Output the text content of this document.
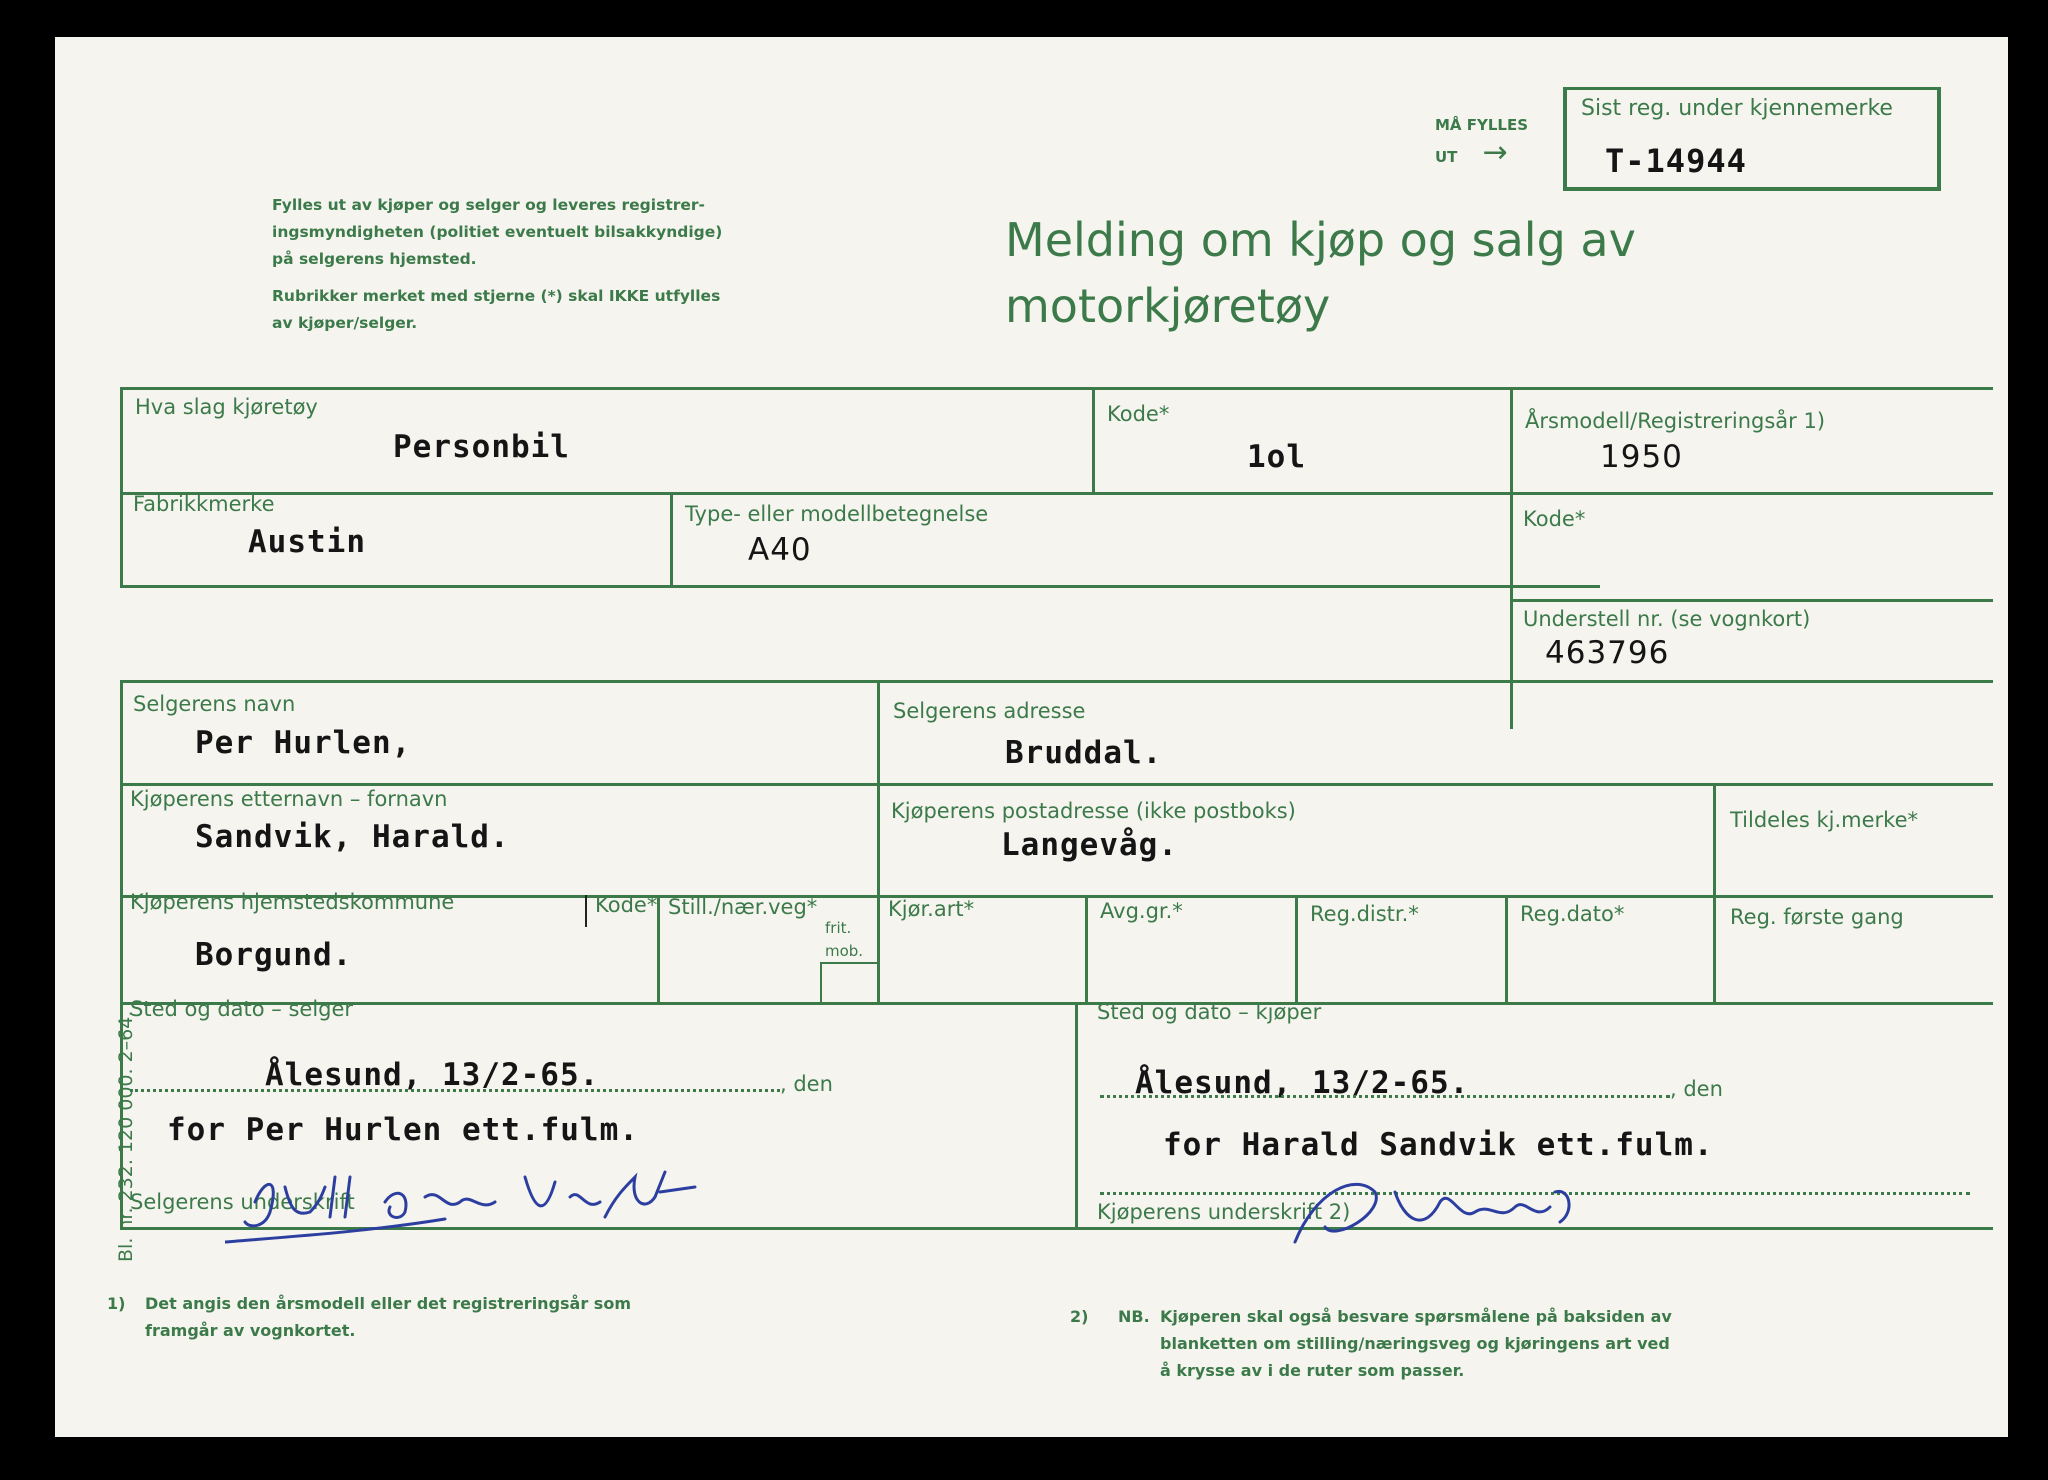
Fylles ut av kjøper og selger og leveres registrer-
ingsmyndigheten (politiet eventuelt bilsakkyndige)
på selgerens hjemsted.
Rubrikker merket med stjerne (*) skal IKKE utfylles
av kjøper/selger.
Melding om kjøp og salg av
motorkjøretøy
MÅ FYLLES
UT →
Sist reg. under kjennemerke
T-14944
Hva slag kjøretøy
Personbil
Kode*
1ol
Årsmodell/Registreringsår 1)
1950
Fabrikkmerke
Austin
Type- eller modellbetegnelse
A40
Kode*
Understell nr. (se vognkort)
463796
Selgerens navn
Per Hurlen,
Selgerens adresse
Bruddal.
Kjøperens etternavn – fornavn
Sandvik, Harald.
Kjøperens postadresse (ikke postboks)
Langevåg.
Tildeles kj.merke*
Kjøperens hjemstedskommune
Borgund.
Kode* Still./nær.veg*
frit.
mob.
Kjør.art*	Avg.gr.*	Reg.distr.*	Reg.dato*	Reg. første gang
Sted og dato – selger
Ålesund, 13/2-65.	, den
for Per Hurlen ett.fulm.
Selgerens underskrift
Sted og dato – kjøper
Ålesund, 13/2-65.	, den
for Harald Sandvik ett.fulm.
Kjøperens underskrift 2)
1) Det angis den årsmodell eller det registreringsår som
framgår av vognkortet.
2) NB. Kjøperen skal også besvare spørsmålene på baksiden av
blanketten om stilling/næringsveg og kjøringens art ved
å krysse av i de ruter som passer.
Bl. nr. 232. 120 000. 2–64.
